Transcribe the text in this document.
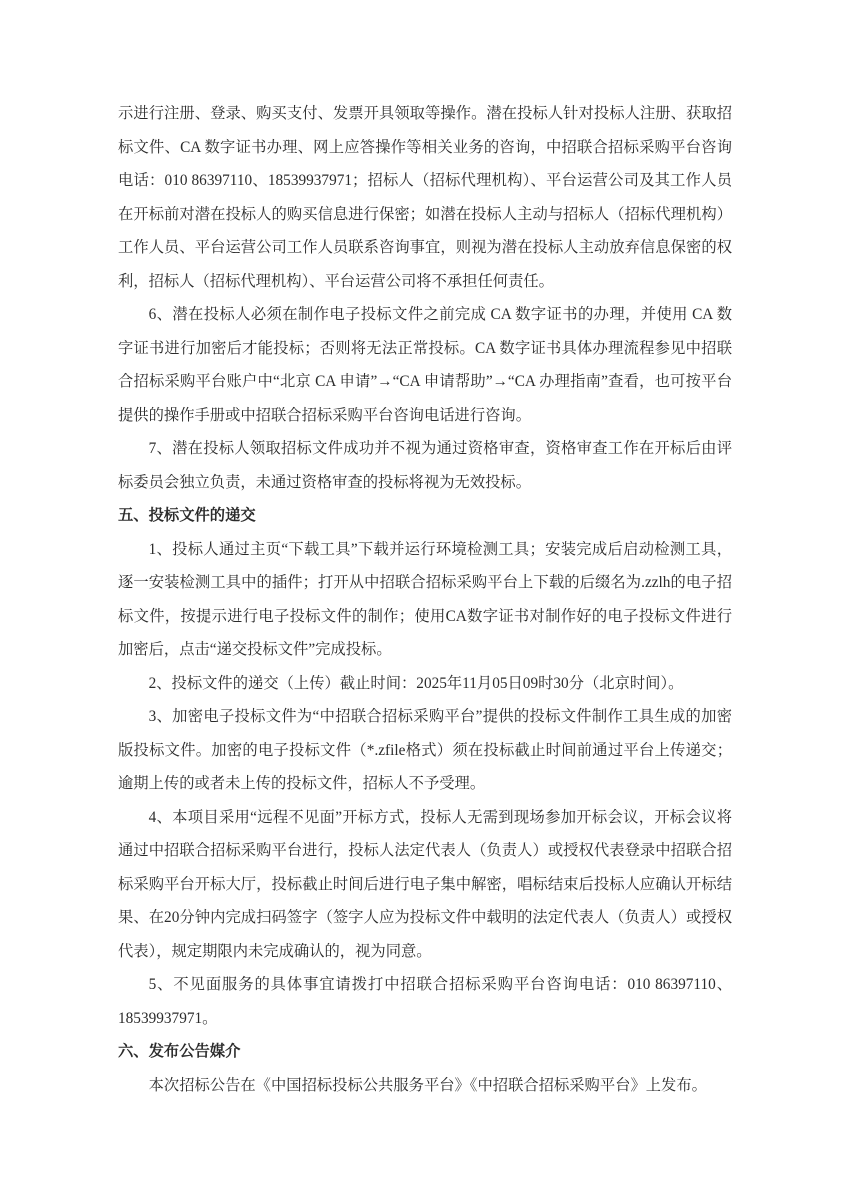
示进行注册、登录、购买支付、发票开具领取等操作。潜在投标人针对投标人注册、获取招标文件、CA 数字证书办理、网上应答操作等相关业务的咨询，中招联合招标采购平台咨询电话：010 86397110、18539937971；招标人（招标代理机构）、平台运营公司及其工作人员在开标前对潜在投标人的购买信息进行保密；如潜在投标人主动与招标人（招标代理机构）工作人员、平台运营公司工作人员联系咨询事宜，则视为潜在投标人主动放弃信息保密的权利，招标人（招标代理机构）、平台运营公司将不承担任何责任。

6、潜在投标人必须在制作电子投标文件之前完成 CA 数字证书的办理，并使用 CA 数字证书进行加密后才能投标；否则将无法正常投标。CA 数字证书具体办理流程参见中招联合招标采购平台账户中“北京 CA 申请”→“CA 申请帮助”→“CA 办理指南”查看，也可按平台提供的操作手册或中招联合招标采购平台咨询电话进行咨询。

7、潜在投标人领取招标文件成功并不视为通过资格审查，资格审查工作在开标后由评标委员会独立负责，未通过资格审查的投标将视为无效投标。

五、投标文件的递交

1、投标人通过主页“下载工具”下载并运行环境检测工具；安装完成后启动检测工具，逐一安装检测工具中的插件；打开从中招联合招标采购平台上下载的后缀名为.zzlh的电子招标文件，按提示进行电子投标文件的制作；使用CA数字证书对制作好的电子投标文件进行加密后，点击“递交投标文件”完成投标。

2、投标文件的递交（上传）截止时间：2025年11月05日09时30分（北京时间）。

3、加密电子投标文件为“中招联合招标采购平台”提供的投标文件制作工具生成的加密版投标文件。加密的电子投标文件（*.zfile格式）须在投标截止时间前通过平台上传递交；逾期上传的或者未上传的投标文件，招标人不予受理。

4、本项目采用“远程不见面”开标方式，投标人无需到现场参加开标会议，开标会议将通过中招联合招标采购平台进行，投标人法定代表人（负责人）或授权代表登录中招联合招标采购平台开标大厅，投标截止时间后进行电子集中解密，唱标结束后投标人应确认开标结果、在20分钟内完成扫码签字（签字人应为投标文件中载明的法定代表人（负责人）或授权代表），规定期限内未完成确认的，视为同意。

5、不见面服务的具体事宜请拨打中招联合招标采购平台咨询电话：010 86397110、18539937971。

六、发布公告媒介

本次招标公告在《中国招标投标公共服务平台》《中招联合招标采购平台》上发布。
